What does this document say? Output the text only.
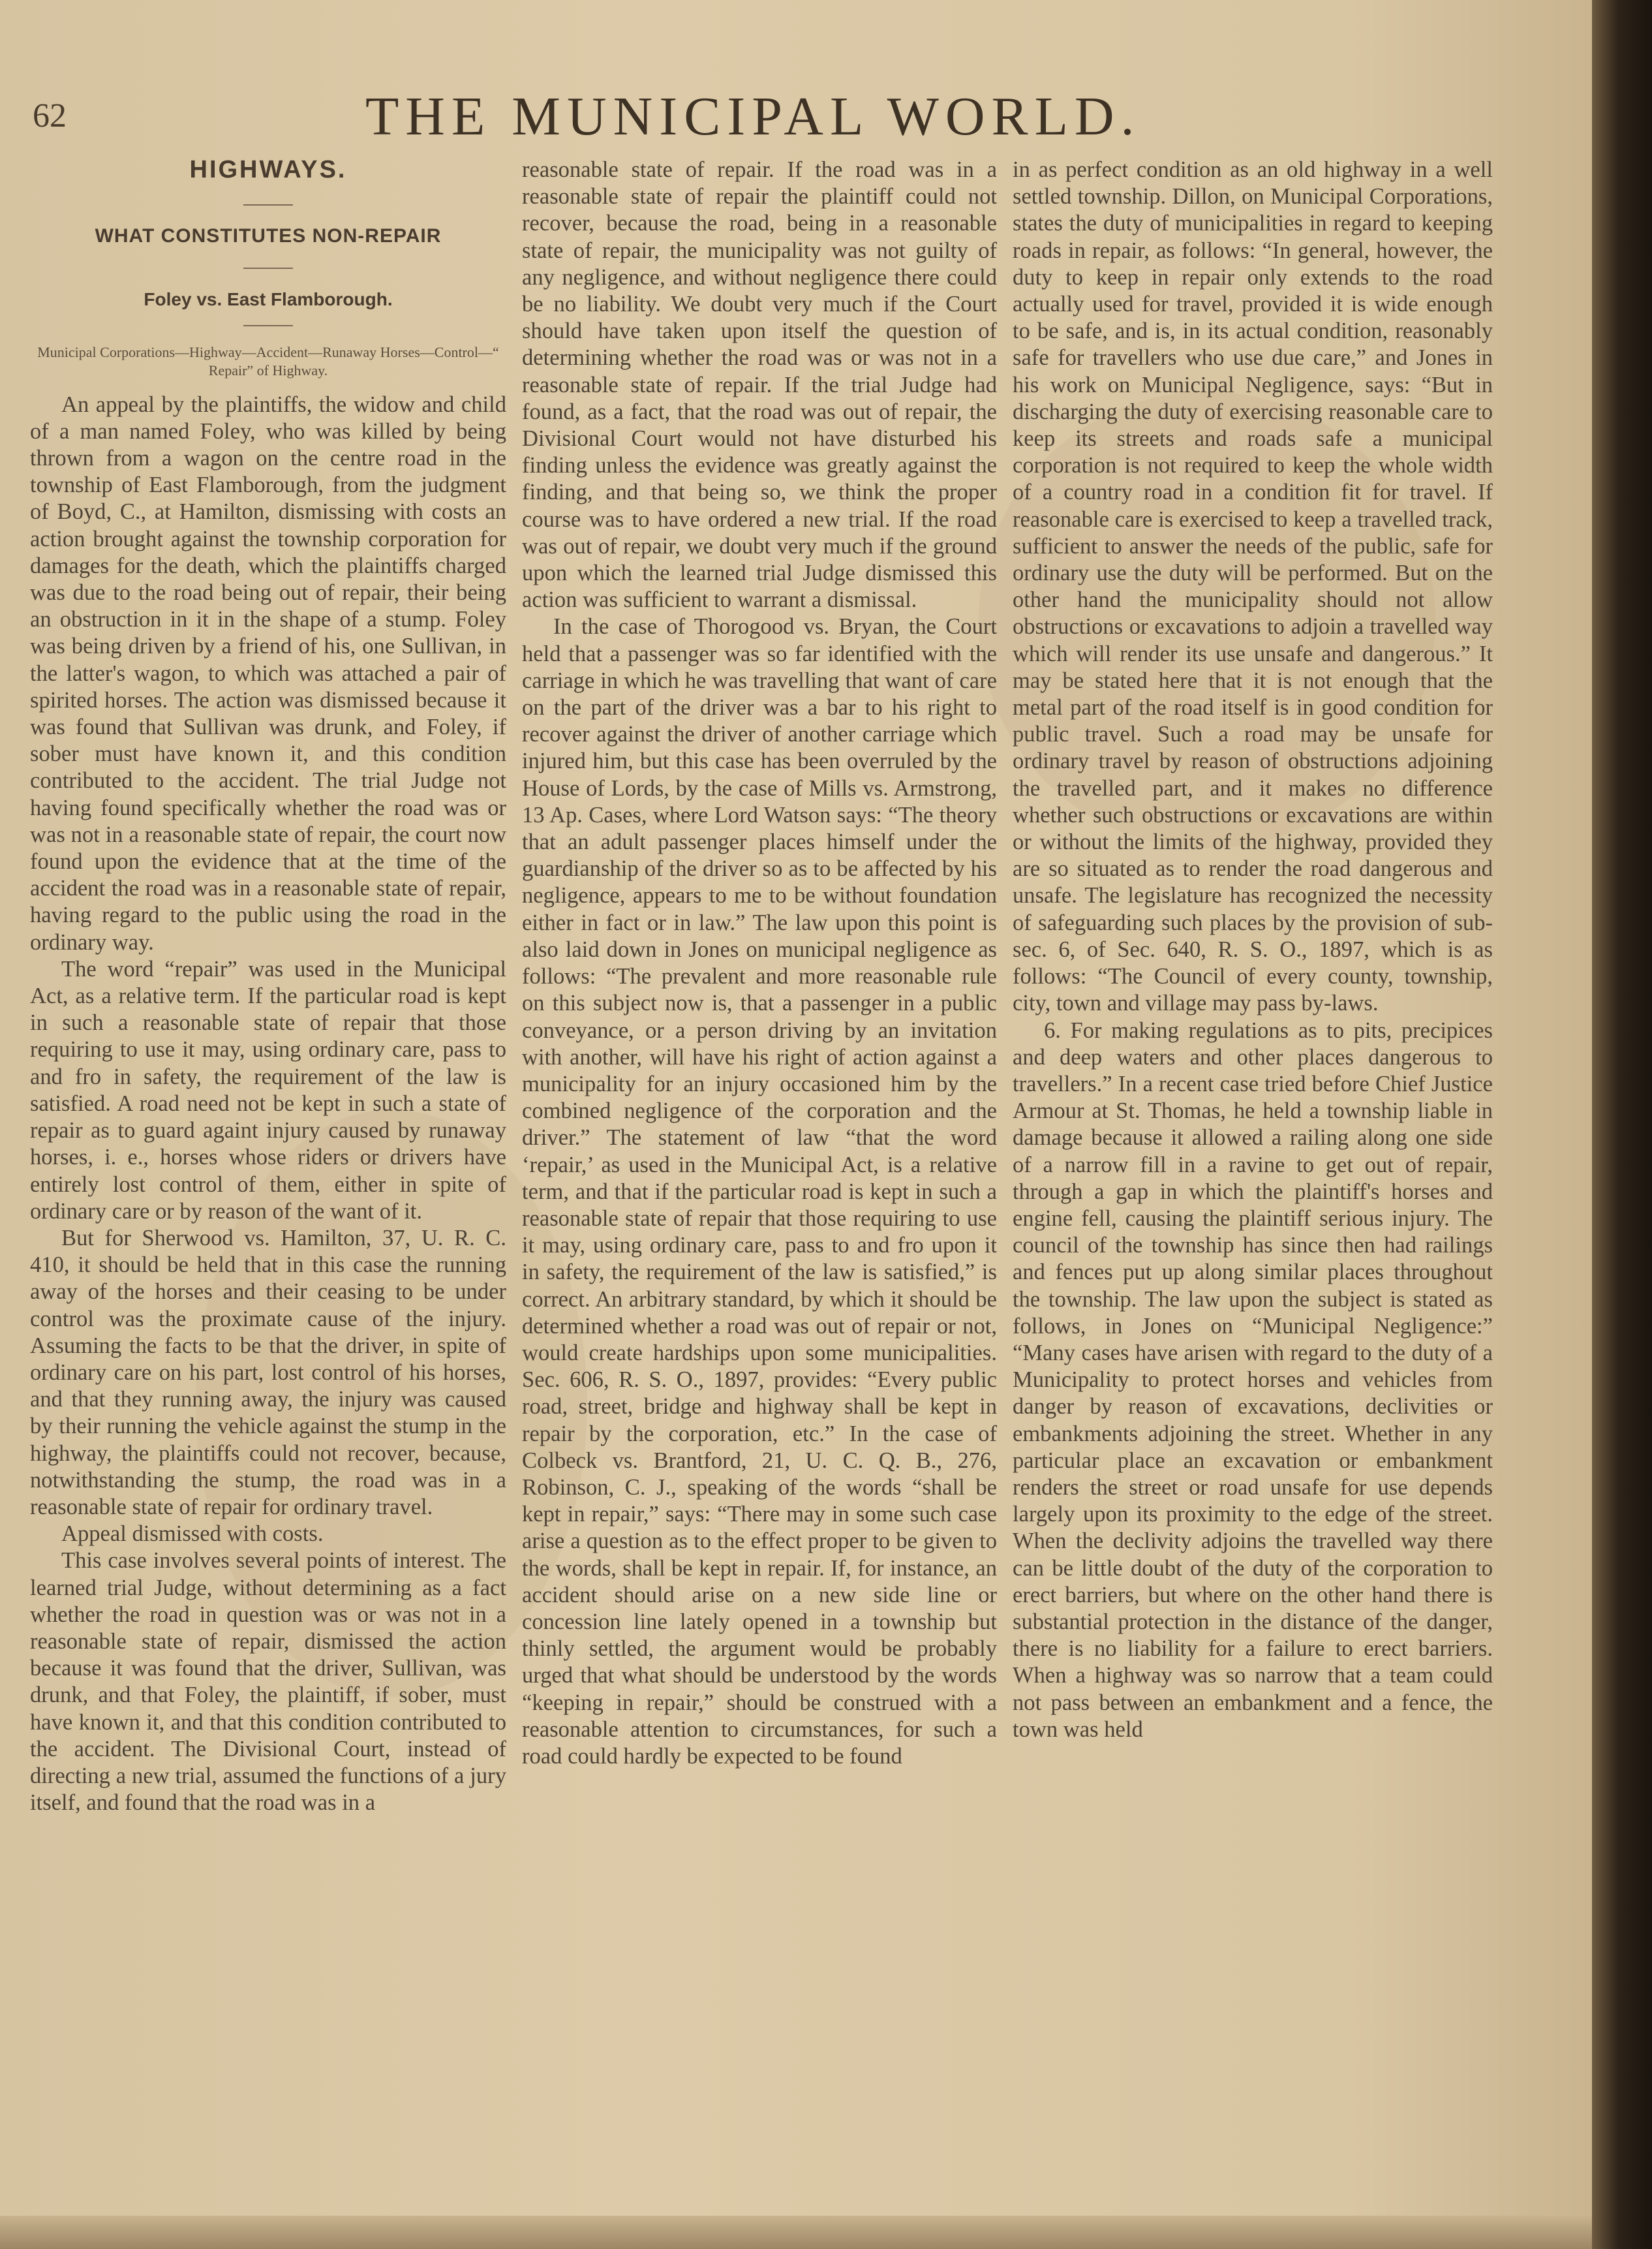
62	THE MUNICIPAL WORLD.
HIGHWAYS.
WHAT CONSTITUTES NON-REPAIR
Foley vs. East Flamborough.
Municipal Corporations—Highway—Accident—Runaway Horses—Control—“ Repair” of Highway.

An appeal by the plaintiffs, the widow and child of a man named Foley, who was killed by being thrown from a wagon on the centre road in the township of East Flamborough, from the judgment of Boyd, C., at Hamilton, dismissing with costs an action brought against the township corporation for damages for the death, which the plaintiffs charged was due to the road being out of repair, their being an obstruction in it in the shape of a stump. Foley was being driven by a friend of his, one Sullivan, in the latter's wagon, to which was attached a pair of spirited horses. The action was dismissed because it was found that Sullivan was drunk, and Foley, if sober must have known it, and this condition contributed to the accident. The trial Judge not having found specifically whether the road was or was not in a reasonable state of repair, the court now found upon the evidence that at the time of the accident the road was in a reasonable state of repair, having regard to the public using the road in the ordinary way.

The word “repair” was used in the Municipal Act, as a relative term. If the particular road is kept in such a reasonable state of repair that those requiring to use it may, using ordinary care, pass to and fro in safety, the requirement of the law is satisfied. A road need not be kept in such a state of repair as to guard againt injury caused by runaway horses, i. e., horses whose riders or drivers have entirely lost control of them, either in spite of ordinary care or by reason of the want of it.

But for Sherwood vs. Hamilton, 37, U. R. C. 410, it should be held that in this case the running away of the horses and their ceasing to be under control was the proximate cause of the injury. Assuming the facts to be that the driver, in spite of ordinary care on his part, lost control of his horses, and that they running away, the injury was caused by their running the vehicle against the stump in the highway, the plaintiffs could not recover, because, notwithstanding the stump, the road was in a reasonable state of repair for ordinary travel.

Appeal dismissed with costs.

This case involves several points of interest. The learned trial Judge, without determining as a fact whether the road in question was or was not in a reasonable state of repair, dismissed the action because it was found that the driver, Sullivan, was drunk, and that Foley, the plaintiff, if sober, must have known it, and that this condition contributed to the accident. The Divisional Court, instead of directing a new trial, assumed the functions of a jury itself, and found that the road was in a

reasonable state of repair. If the road was in a reasonable state of repair the plaintiff could not recover, because the road, being in a reasonable state of repair, the municipality was not guilty of any negligence, and without negligence there could be no liability. We doubt very much if the Court should have taken upon itself the question of determining whether the road was or was not in a reasonable state of repair. If the trial Judge had found, as a fact, that the road was out of repair, the Divisional Court would not have disturbed his finding unless the evidence was greatly against the finding, and that being so, we think the proper course was to have ordered a new trial. If the road was out of repair, we doubt very much if the ground upon which the learned trial Judge dismissed this action was sufficient to warrant a dismissal.

In the case of Thorogood vs. Bryan, the Court held that a passenger was so far identified with the carriage in which he was travelling that want of care on the part of the driver was a bar to his right to recover against the driver of another carriage which injured him, but this case has been overruled by the House of Lords, by the case of Mills vs. Armstrong, 13 Ap. Cases, where Lord Watson says: “The theory that an adult passenger places himself under the guardianship of the driver so as to be affected by his negligence, appears to me to be without foundation either in fact or in law.” The law upon this point is also laid down in Jones on municipal negligence as follows: “The prevalent and more reasonable rule on this subject now is, that a passenger in a public conveyance, or a person driving by an invitation with another, will have his right of action against a municipality for an injury occasioned him by the combined negligence of the corporation and the driver.” The statement of law “that the word ‘repair,’ as used in the Municipal Act, is a relative term, and that if the particular road is kept in such a reasonable state of repair that those requiring to use it may, using ordinary care, pass to and fro upon it in safety, the requirement of the law is satisfied,” is correct. An arbitrary standard, by which it should be determined whether a road was out of repair or not, would create hardships upon some municipalities. Sec. 606, R. S. O., 1897, provides: “Every public road, street, bridge and highway shall be kept in repair by the corporation, etc.” In the case of Colbeck vs. Brantford, 21, U. C. Q. B., 276, Robinson, C. J., speaking of the words “shall be kept in repair,” says: “There may in some such case arise a question as to the effect proper to be given to the words, shall be kept in repair. If, for instance, an accident should arise on a new side line or concession line lately opened in a township but thinly settled, the argument would be probably urged that what should be understood by the words “keeping in repair,” should be construed with a reasonable attention to circumstances, for such a road could hardly be expected to be found

in as perfect condition as an old highway in a well settled township. Dillon, on Municipal Corporations, states the duty of municipalities in regard to keeping roads in repair, as follows: “In general, however, the duty to keep in repair only extends to the road actually used for travel, provided it is wide enough to be safe, and is, in its actual condition, reasonably safe for travellers who use due care,” and Jones in his work on Municipal Negligence, says: “But in discharging the duty of exercising reasonable care to keep its streets and roads safe a municipal corporation is not required to keep the whole width of a country road in a condition fit for travel. If reasonable care is exercised to keep a travelled track, sufficient to answer the needs of the public, safe for ordinary use the duty will be performed. But on the other hand the municipality should not allow obstructions or excavations to adjoin a travelled way which will render its use unsafe and dangerous.” It may be stated here that it is not enough that the metal part of the road itself is in good condition for public travel. Such a road may be unsafe for ordinary travel by reason of obstructions adjoining the travelled part, and it makes no difference whether such obstructions or excavations are within or without the limits of the highway, provided they are so situated as to render the road dangerous and unsafe. The legislature has recognized the necessity of safeguarding such places by the provision of sub-sec. 6, of Sec. 640, R. S. O., 1897, which is as follows: “The Council of every county, township, city, town and village may pass by-laws.

6. For making regulations as to pits, precipices and deep waters and other places dangerous to travellers.” In a recent case tried before Chief Justice Armour at St. Thomas, he held a township liable in damage because it allowed a railing along one side of a narrow fill in a ravine to get out of repair, through a gap in which the plaintiff's horses and engine fell, causing the plaintiff serious injury. The council of the township has since then had railings and fences put up along similar places throughout the township. The law upon the subject is stated as follows, in Jones on “Municipal Negligence:” “Many cases have arisen with regard to the duty of a Municipality to protect horses and vehicles from danger by reason of excavations, declivities or embankments adjoining the street. Whether in any particular place an excavation or embankment renders the street or road unsafe for use depends largely upon its proximity to the edge of the street. When the declivity adjoins the travelled way there can be little doubt of the duty of the corporation to erect barriers, but where on the other hand there is substantial protection in the distance of the danger, there is no liability for a failure to erect barriers. When a highway was so narrow that a team could not pass between an embankment and a fence, the town was held
